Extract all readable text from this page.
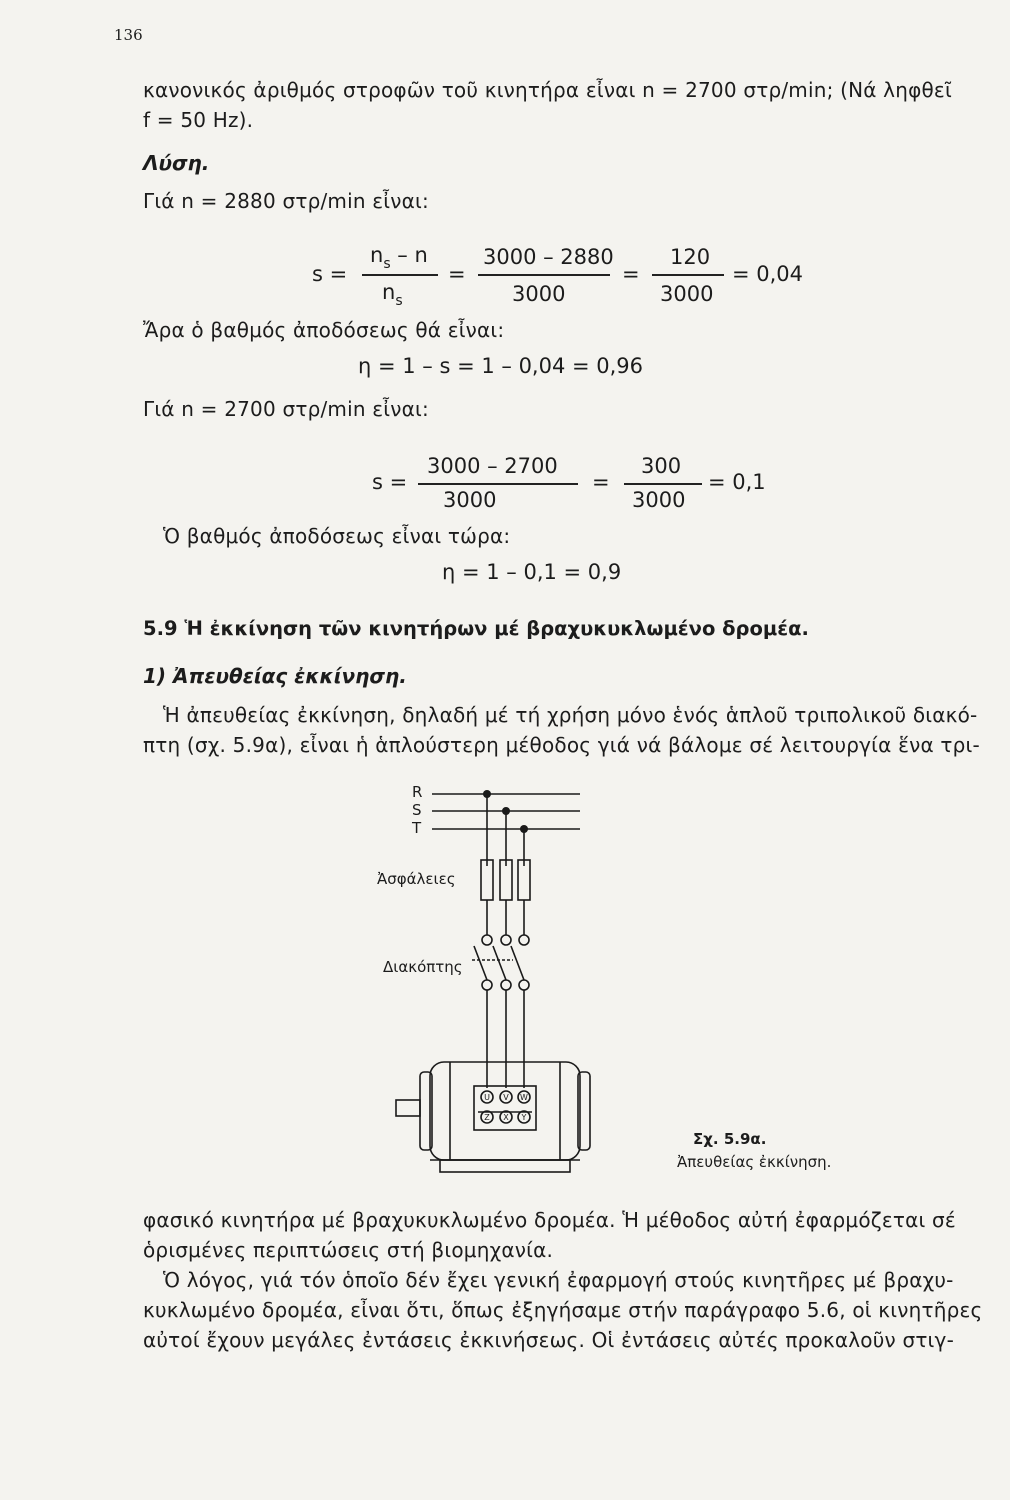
136
κανονικός ἀριθμός στροφῶν τοῦ κινητήρα εἶναι n = 2700 στρ/min; (Νά ληφθεῖ
f = 50 Hz).
Λύση.
Γιά n = 2880 στρ/min εἶναι:
s =
$n_s$ – n
$n_s$
=
3000 – 2880
3000
=
120
3000
= 0,04
Ἄρα ὁ βαθμός ἀποδόσεως θά εἶναι:
η = 1 – s = 1 – 0,04 = 0,96
Γιά n = 2700 στρ/min εἶναι:
s =
3000 – 2700
3000
=
300
3000
= 0,1
Ὁ βαθμός ἀποδόσεως εἶναι τώρα:
η = 1 – 0,1 = 0,9
5.9 Ἡ ἐκκίνηση τῶν κινητήρων μέ βραχυκυκλωμένο δρομέα.
1) Ἀπευθείας ἐκκίνηση.
Ἡ ἀπευθείας ἐκκίνηση, δηλαδή μέ τή χρήση μόνο ἑνός ἁπλοῦ τριπολικοῦ διακό-
πτη (σχ. 5.9α), εἶναι ἡ ἁπλούστερη μέθοδος γιά νά βάλομε σέ λειτουργία ἕνα τρι-
U V W
Z X Y
R
S
T
Ἀσφάλειες
Διακόπτης
Σχ. 5.9α.
Ἀπευθείας ἐκκίνηση.
φασικό κινητήρα μέ βραχυκυκλωμένο δρομέα. Ἡ μέθοδος αὐτή ἐφαρμόζεται σέ
ὁρισμένες περιπτώσεις στή βιομηχανία.
Ὁ λόγος, γιά τόν ὁποῖο δέν ἔχει γενική ἐφαρμογή στούς κινητῆρες μέ βραχυ-
κυκλωμένο δρομέα, εἶναι ὅτι, ὅπως ἐξηγήσαμε στήν παράγραφο 5.6, οἱ κινητῆρες
αὐτοί ἔχουν μεγάλες ἐντάσεις ἐκκινήσεως. Οἱ ἐντάσεις αὐτές προκαλοῦν στιγ-
